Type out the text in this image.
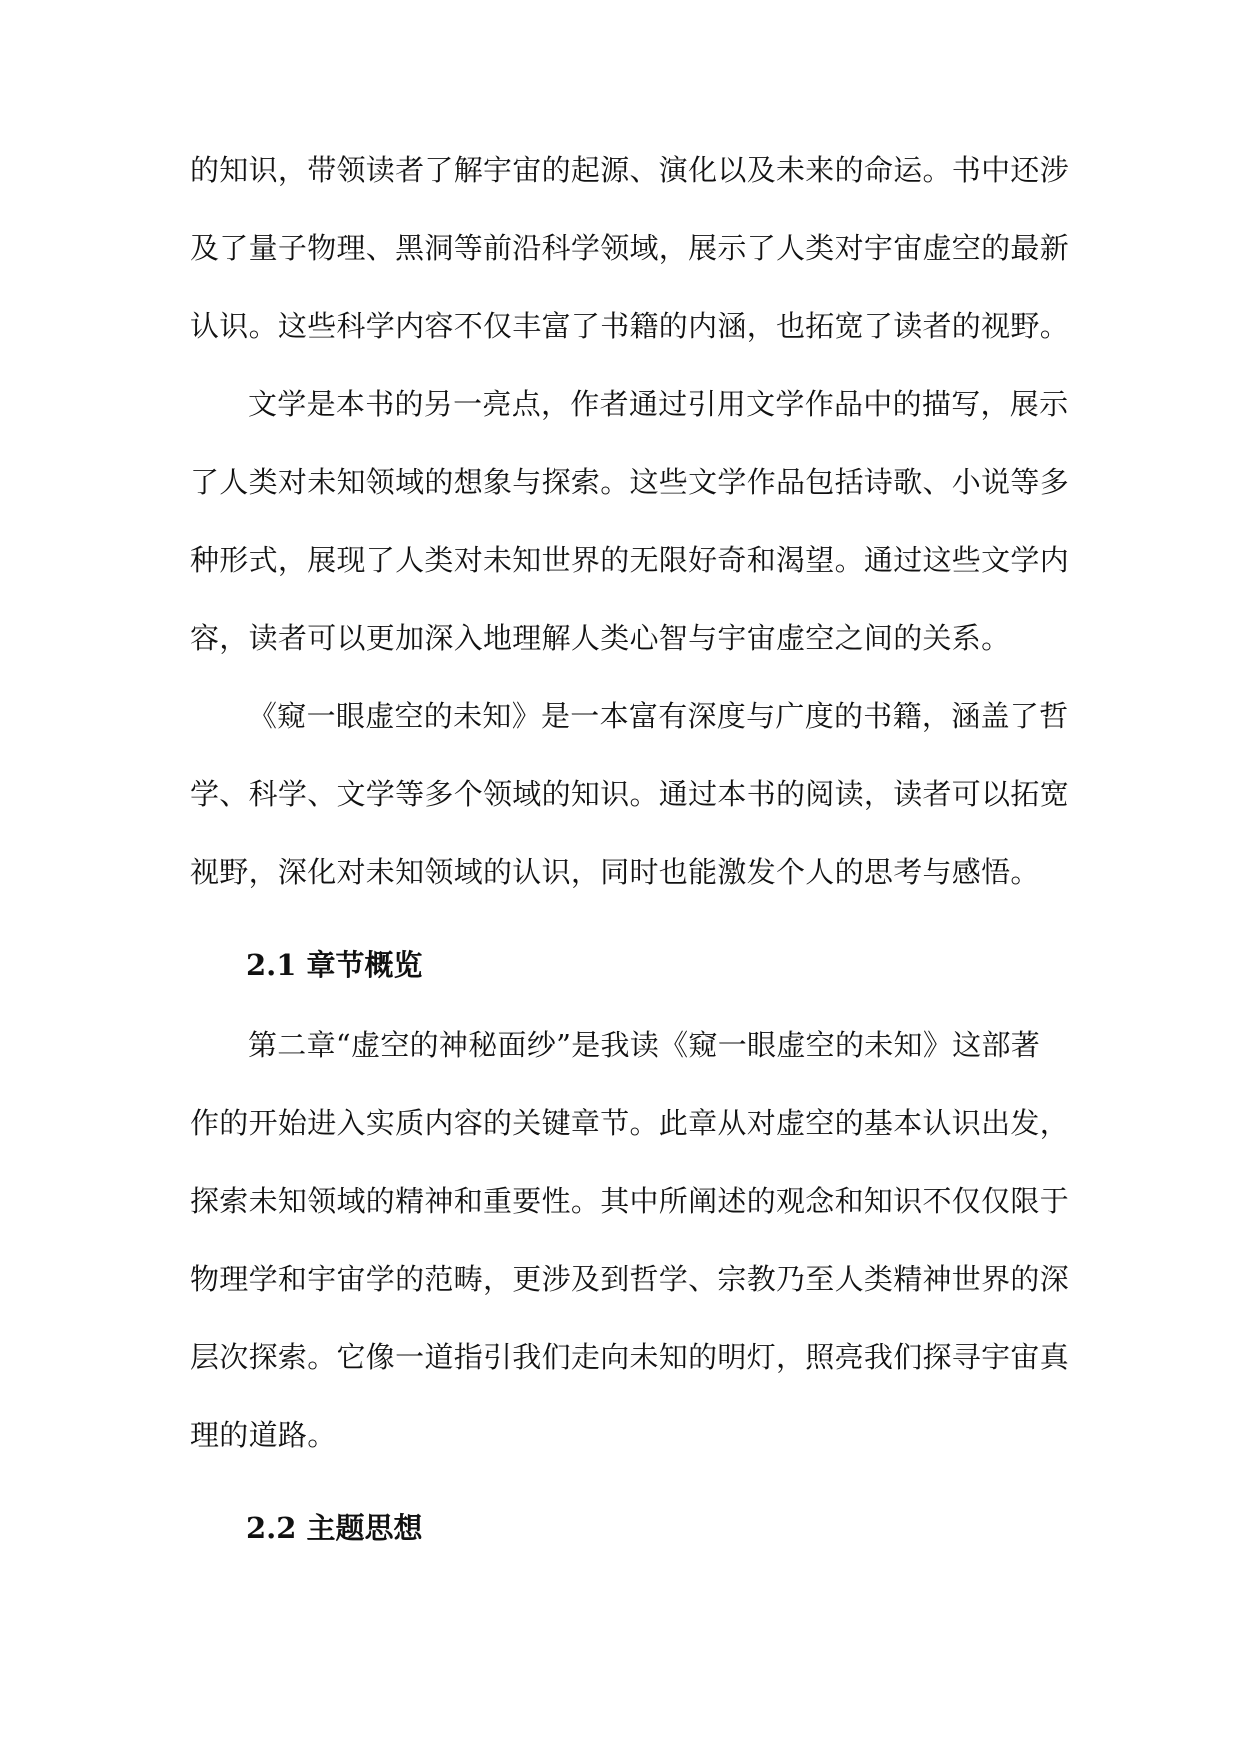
的知识，带领读者了解宇宙的起源、演化以及未来的命运。书中还涉
及了量子物理、黑洞等前沿科学领域，展示了人类对宇宙虚空的最新
认识。这些科学内容不仅丰富了书籍的内涵，也拓宽了读者的视野。
文学是本书的另一亮点，作者通过引用文学作品中的描写，展示
了人类对未知领域的想象与探索。这些文学作品包括诗歌、小说等多
种形式，展现了人类对未知世界的无限好奇和渴望。通过这些文学内
容，读者可以更加深入地理解人类心智与宇宙虚空之间的关系。
《窥一眼虚空的未知》是一本富有深度与广度的书籍，涵盖了哲
学、科学、文学等多个领域的知识。通过本书的阅读，读者可以拓宽
视野，深化对未知领域的认识，同时也能激发个人的思考与感悟。
2.1 章节概览
第二章“虚空的神秘面纱”是我读《窥一眼虚空的未知》这部著
作的开始进入实质内容的关键章节。此章从对虚空的基本认识出发，
探索未知领域的精神和重要性。其中所阐述的观念和知识不仅仅限于
物理学和宇宙学的范畴，更涉及到哲学、宗教乃至人类精神世界的深
层次探索。它像一道指引我们走向未知的明灯，照亮我们探寻宇宙真
理的道路。
2.2 主题思想
